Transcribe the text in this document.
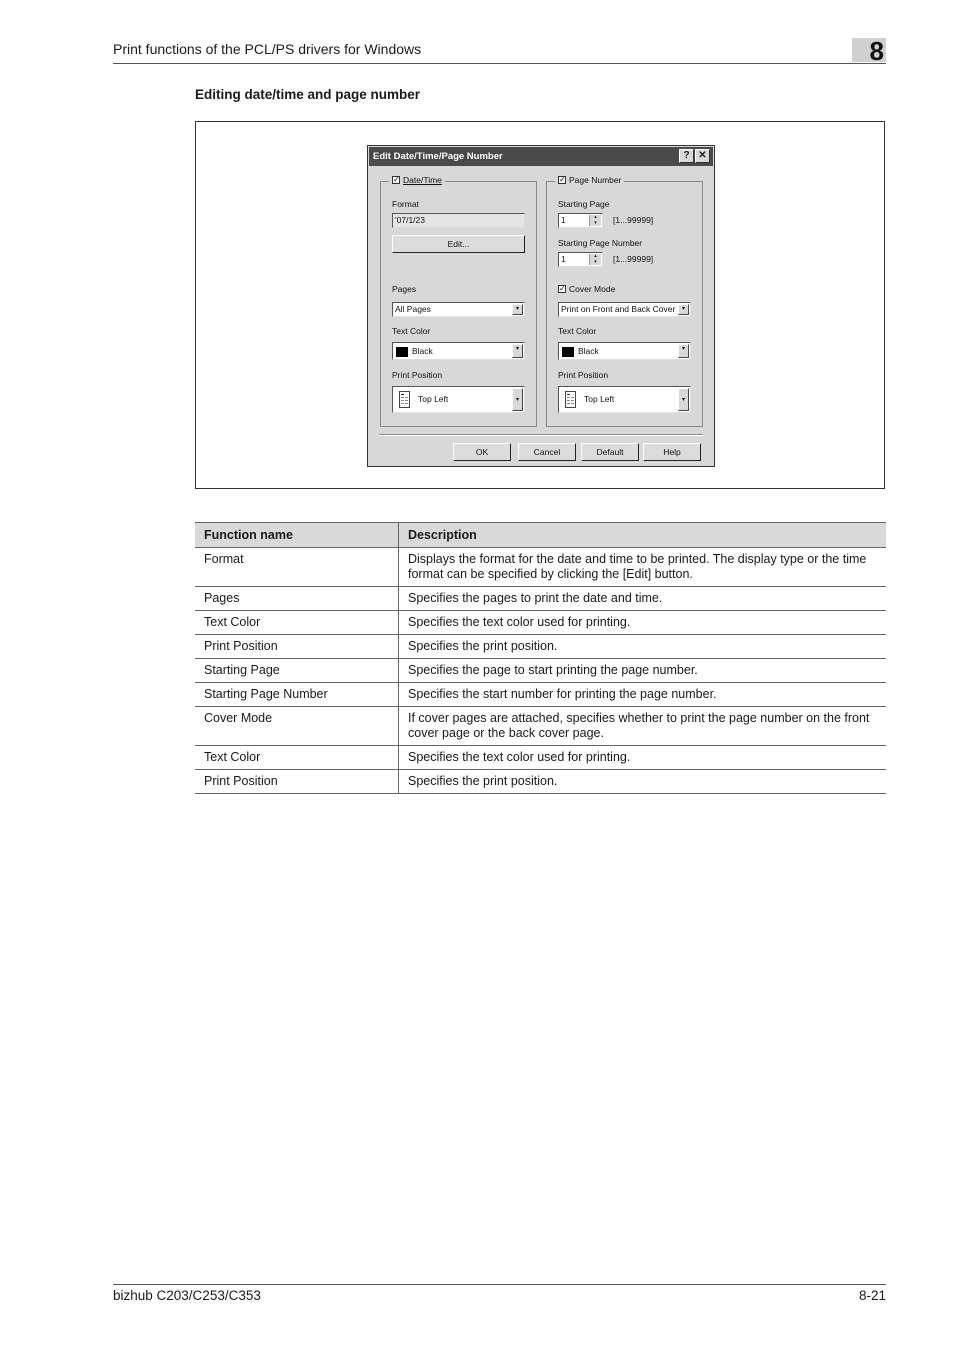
Print functions of the PCL/PS drivers for Windows	8
Editing date/time and page number
Edit Date/Time/Page Number	? ✕
✓ Date/Time
Format
'07/1/23
Edit...
Pages
All Pages	▾
Text Color
Black	▾
Print Position
Top Left	▾
✓ Page Number
Starting Page
1	▴
▾	[1...99999]
Starting Page Number
1	▴
▾	[1...99999]
✓ Cover Mode
Print on Front and Back Cover	▾
Text Color
Black	▾
Print Position
Top Left	▾
OK	Cancel	Default	Help
Function name	Description
Format	Displays the format for the date and time to be printed. The display type or the time format can be specified by clicking the [Edit] button.
Pages	Specifies the pages to print the date and time.
Text Color	Specifies the text color used for printing.
Print Position	Specifies the print position.
Starting Page	Specifies the page to start printing the page number.
Starting Page Number	Specifies the start number for printing the page number.
Cover Mode	If cover pages are attached, specifies whether to print the page number on the front cover page or the back cover page.
Text Color	Specifies the text color used for printing.
Print Position	Specifies the print position.
bizhub C203/C253/C353	8-21
